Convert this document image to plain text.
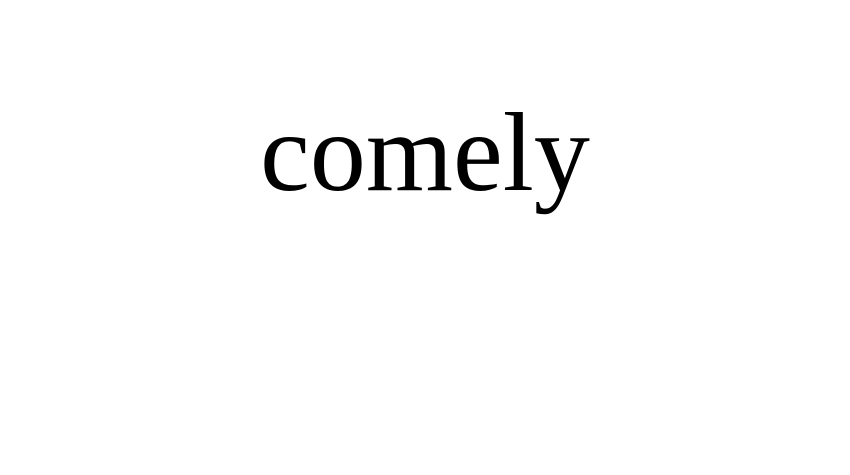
comely
